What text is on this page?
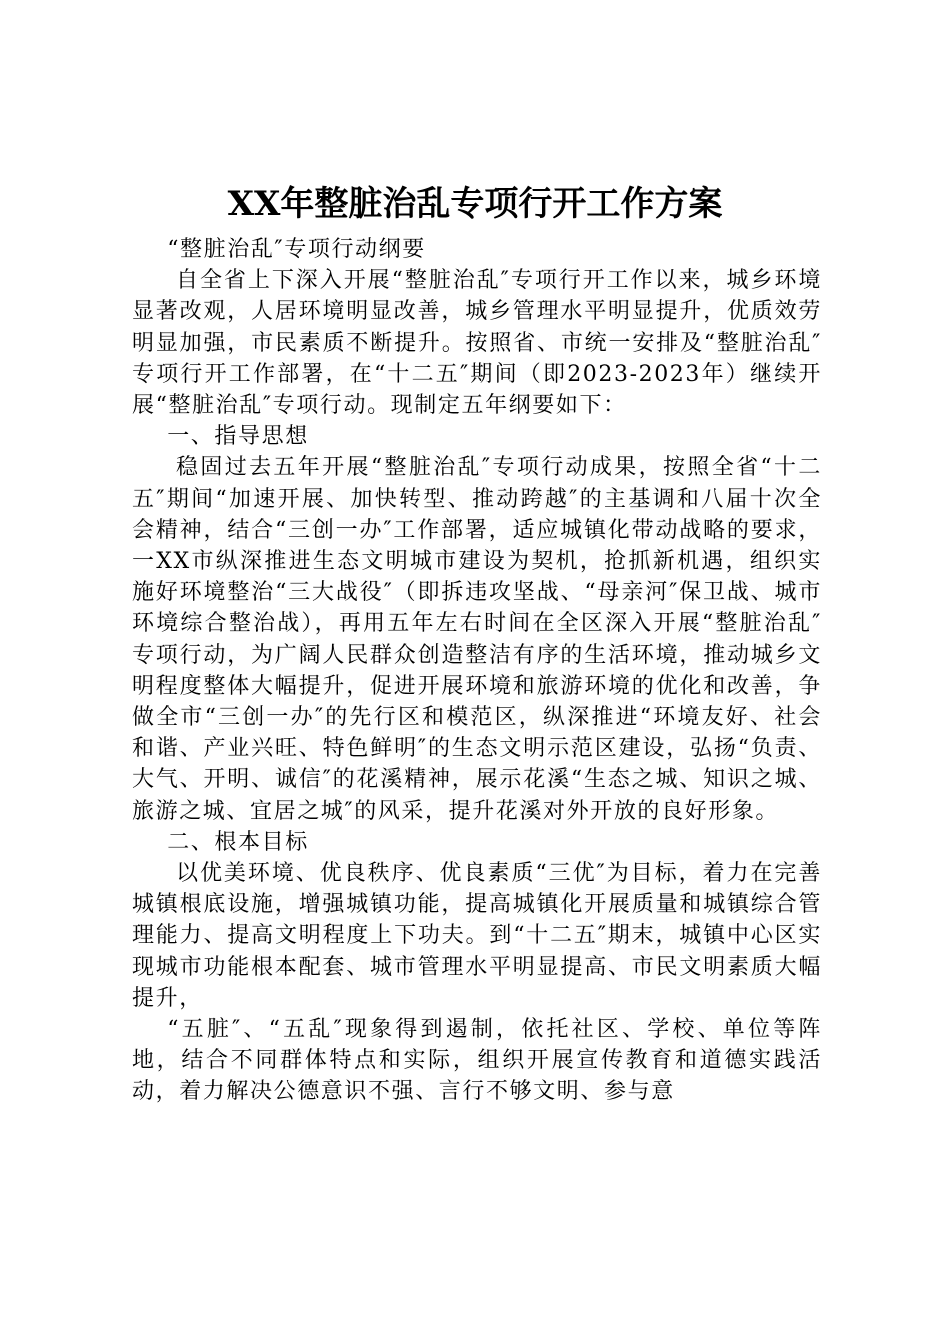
XX年整脏治乱专项行开工作方案

“整脏治乱″专项行动纲要

自全省上下深入开展“整脏治乱″专项行开工作以来，城乡环境显著改观，人居环境明显改善，城乡管理水平明显提升，优质效劳明显加强，市民素质不断提升。按照省、市统一安排及“整脏治乱″专项行开工作部署，在“十二五″期间（即2023-2023年）继续开展“整脏治乱″专项行动。现制定五年纲要如下：

一、指导思想

稳固过去五年开展“整脏治乱″专项行动成果，按照全省“十二五″期间“加速开展、加快转型、推动跨越″的主基调和八届十次全会精神，结合“三创一办″工作部署，适应城镇化带动战略的要求，一XX市纵深推进生态文明城市建设为契机，抢抓新机遇，组织实施好环境整治“三大战役″（即拆违攻坚战、“母亲河″保卫战、城市环境综合整治战），再用五年左右时间在全区深入开展“整脏治乱″专项行动，为广阔人民群众创造整洁有序的生活环境，推动城乡文明程度整体大幅提升，促进开展环境和旅游环境的优化和改善，争做全市“三创一办″的先行区和模范区，纵深推进“环境友好、社会和谐、产业兴旺、特色鲜明″的生态文明示范区建设，弘扬“负责、大气、开明、诚信″的花溪精神，展示花溪“生态之城、知识之城、旅游之城、宜居之城″的风采，提升花溪对外开放的良好形象。

二、根本目标

以优美环境、优良秩序、优良素质“三优″为目标，着力在完善城镇根底设施，增强城镇功能，提高城镇化开展质量和城镇综合管理能力、提高文明程度上下功夫。到“十二五″期末，城镇中心区实现城市功能根本配套、城市管理水平明显提高、市民文明素质大幅提升，

“五脏″、“五乱″现象得到遏制，依托社区、学校、单位等阵地，结合不同群体特点和实际，组织开展宣传教育和道德实践活动，着力解决公德意识不强、言行不够文明、参与意
